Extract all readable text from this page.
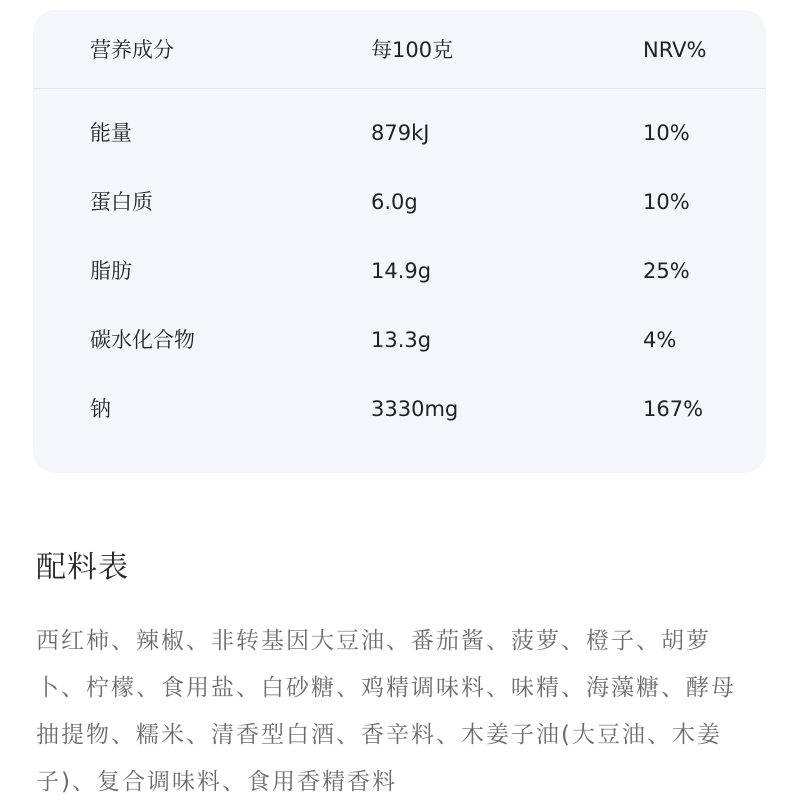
营养成分	每100克	NRV%
能量	879kJ	10%
蛋白质	6.0g	10%
脂肪	14.9g	25%
碳水化合物	13.3g	4%
钠	3330mg	167%
配料表
西红柿、辣椒、非转基因大豆油、番茄酱、菠萝、橙子、胡萝卜、柠檬、食用盐、白砂糖、鸡精调味料、味精、海藻糖、酵母抽提物、糯米、清香型白酒、香辛料、木姜子油(大豆油、木姜子)、复合调味料、食用香精香料
